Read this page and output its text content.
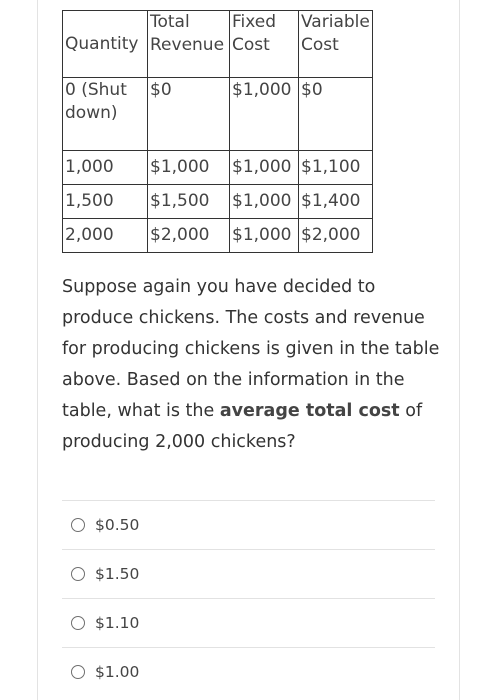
Quantity	Total Revenue	Fixed Cost	Variable Cost
0 (Shut down)	$0	$1,000	$0
1,000	$1,000	$1,000	$1,100
1,500	$1,500	$1,000	$1,400
2,000	$2,000	$1,000	$2,000

Suppose again you have decided to produce chickens. The costs and revenue for producing chickens is given in the table above. Based on the information in the table, what is the average total cost of producing 2,000 chickens?

$0.50
$1.50
$1.10
$1.00
